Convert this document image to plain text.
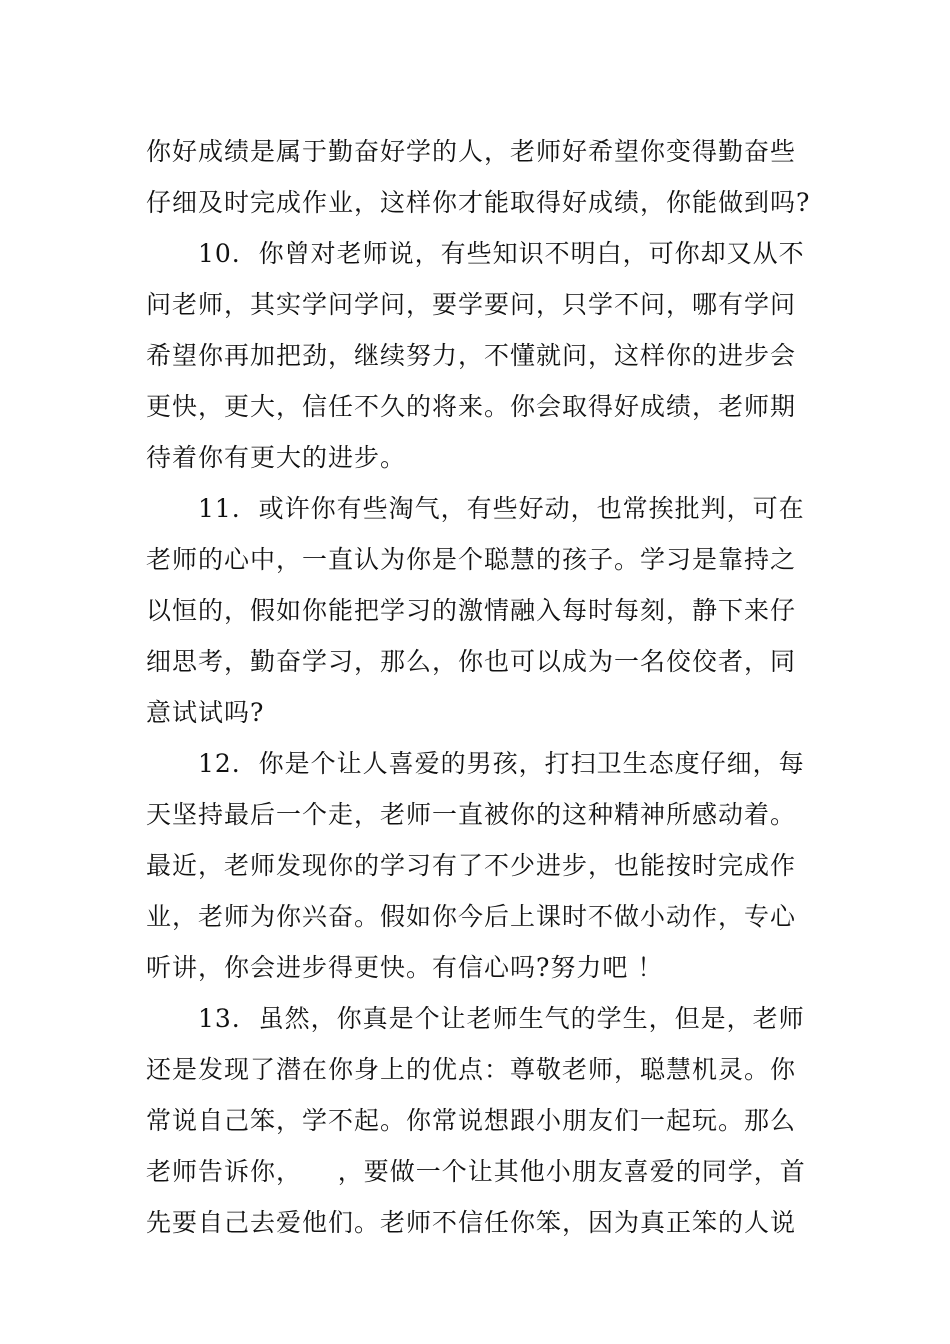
你好成绩是属于勤奋好学的人，老师好希望你变得勤奋些
仔细及时完成作业，这样你才能取得好成绩，你能做到吗?
10.  你曾对老师说，有些知识不明白，可你却又从不
问老师，其实学问学问，要学要问，只学不问，哪有学问
希望你再加把劲，继续努力，不懂就问，这样你的进步会
更快，更大，信任不久的将来。你会取得好成绩，老师期
待着你有更大的进步。
11.  或许你有些淘气，有些好动，也常挨批判，可在
老师的心中，一直认为你是个聪慧的孩子。学习是靠持之
以恒的，假如你能把学习的激情融入每时每刻，静下来仔
细思考，勤奋学习，那么，你也可以成为一名佼佼者，同
意试试吗?
12.  你是个让人喜爱的男孩，打扫卫生态度仔细，每
天坚持最后一个走，老师一直被你的这种精神所感动着。
最近，老师发现你的学习有了不少进步，也能按时完成作
业，老师为你兴奋。假如你今后上课时不做小动作，专心
听讲，你会进步得更快。有信心吗?努力吧 ！
13.  虽然，你真是个让老师生气的学生，但是，老师
还是发现了潜在你身上的优点：尊敬老师，聪慧机灵。你
常说自己笨，学不起。你常说想跟小朋友们一起玩。那么
老师告诉你，    ，要做一个让其他小朋友喜爱的同学，首
先要自己去爱他们。老师不信任你笨，因为真正笨的人说
